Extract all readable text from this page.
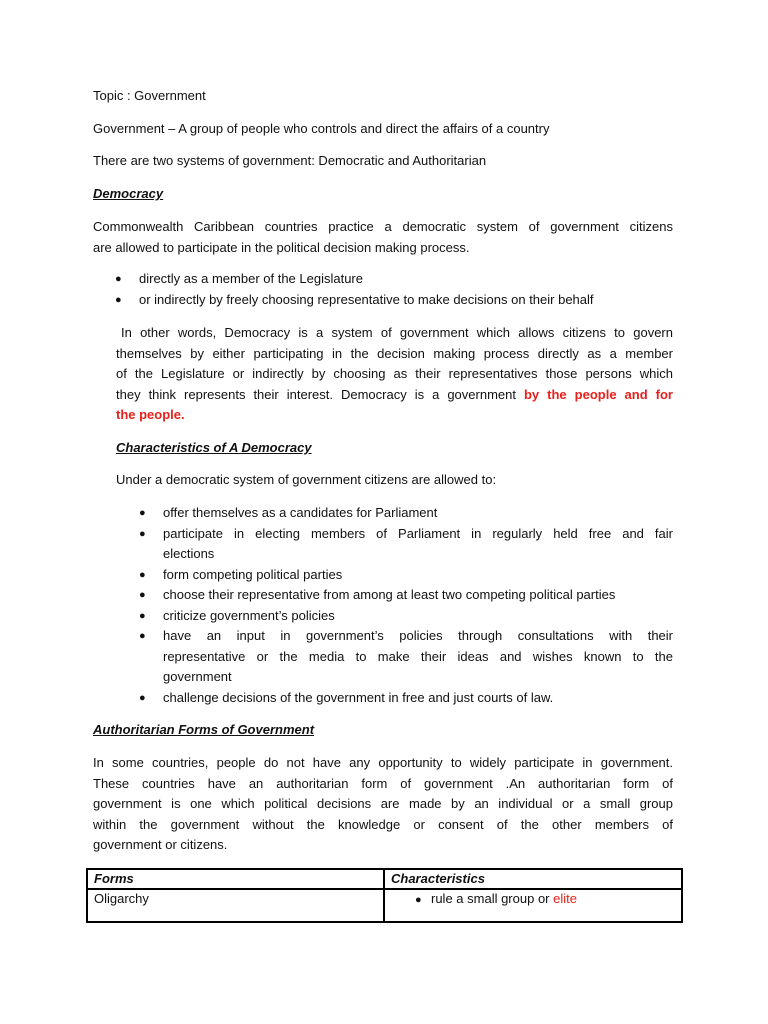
Topic : Government

Government – A group of people who controls and direct the affairs of a country

There are two systems of government: Democratic and Authoritarian

Democracy

Commonwealth Caribbean countries practice a democratic system of government citizens

are allowed to participate in the political decision making process.

● directly as a member of the Legislature
● or indirectly by freely choosing representative to make decisions on their behalf

In other words, Democracy is a system of government which allows citizens to govern

themselves by either participating in the decision making process directly as a member

of the Legislature or indirectly by choosing as their representatives those persons which

they think represents their interest. Democracy is a government by the people and for

the people.

Characteristics of A Democracy

Under a democratic system of government citizens are allowed to:

● offer themselves as a candidates for Parliament

● participate in electing members of Parliament in regularly held free and fair

elections

● form competing political parties

● choose their representative from among at least two competing political parties

● criticize government’s policies

● have an input in government’s policies through consultations with their

representative or the media to make their ideas and wishes known to the

government

● challenge decisions of the government in free and just courts of law.

Authoritarian Forms of Government

In some countries, people do not have any opportunity to widely participate in government.

These countries have an authoritarian form of government .An authoritarian form of

government is one which political decisions are made by an individual or a small group

within the government without the knowledge or consent of the other members of

government or citizens.

Forms	Characteristics
Oligarchy	● rule a small group or elite
